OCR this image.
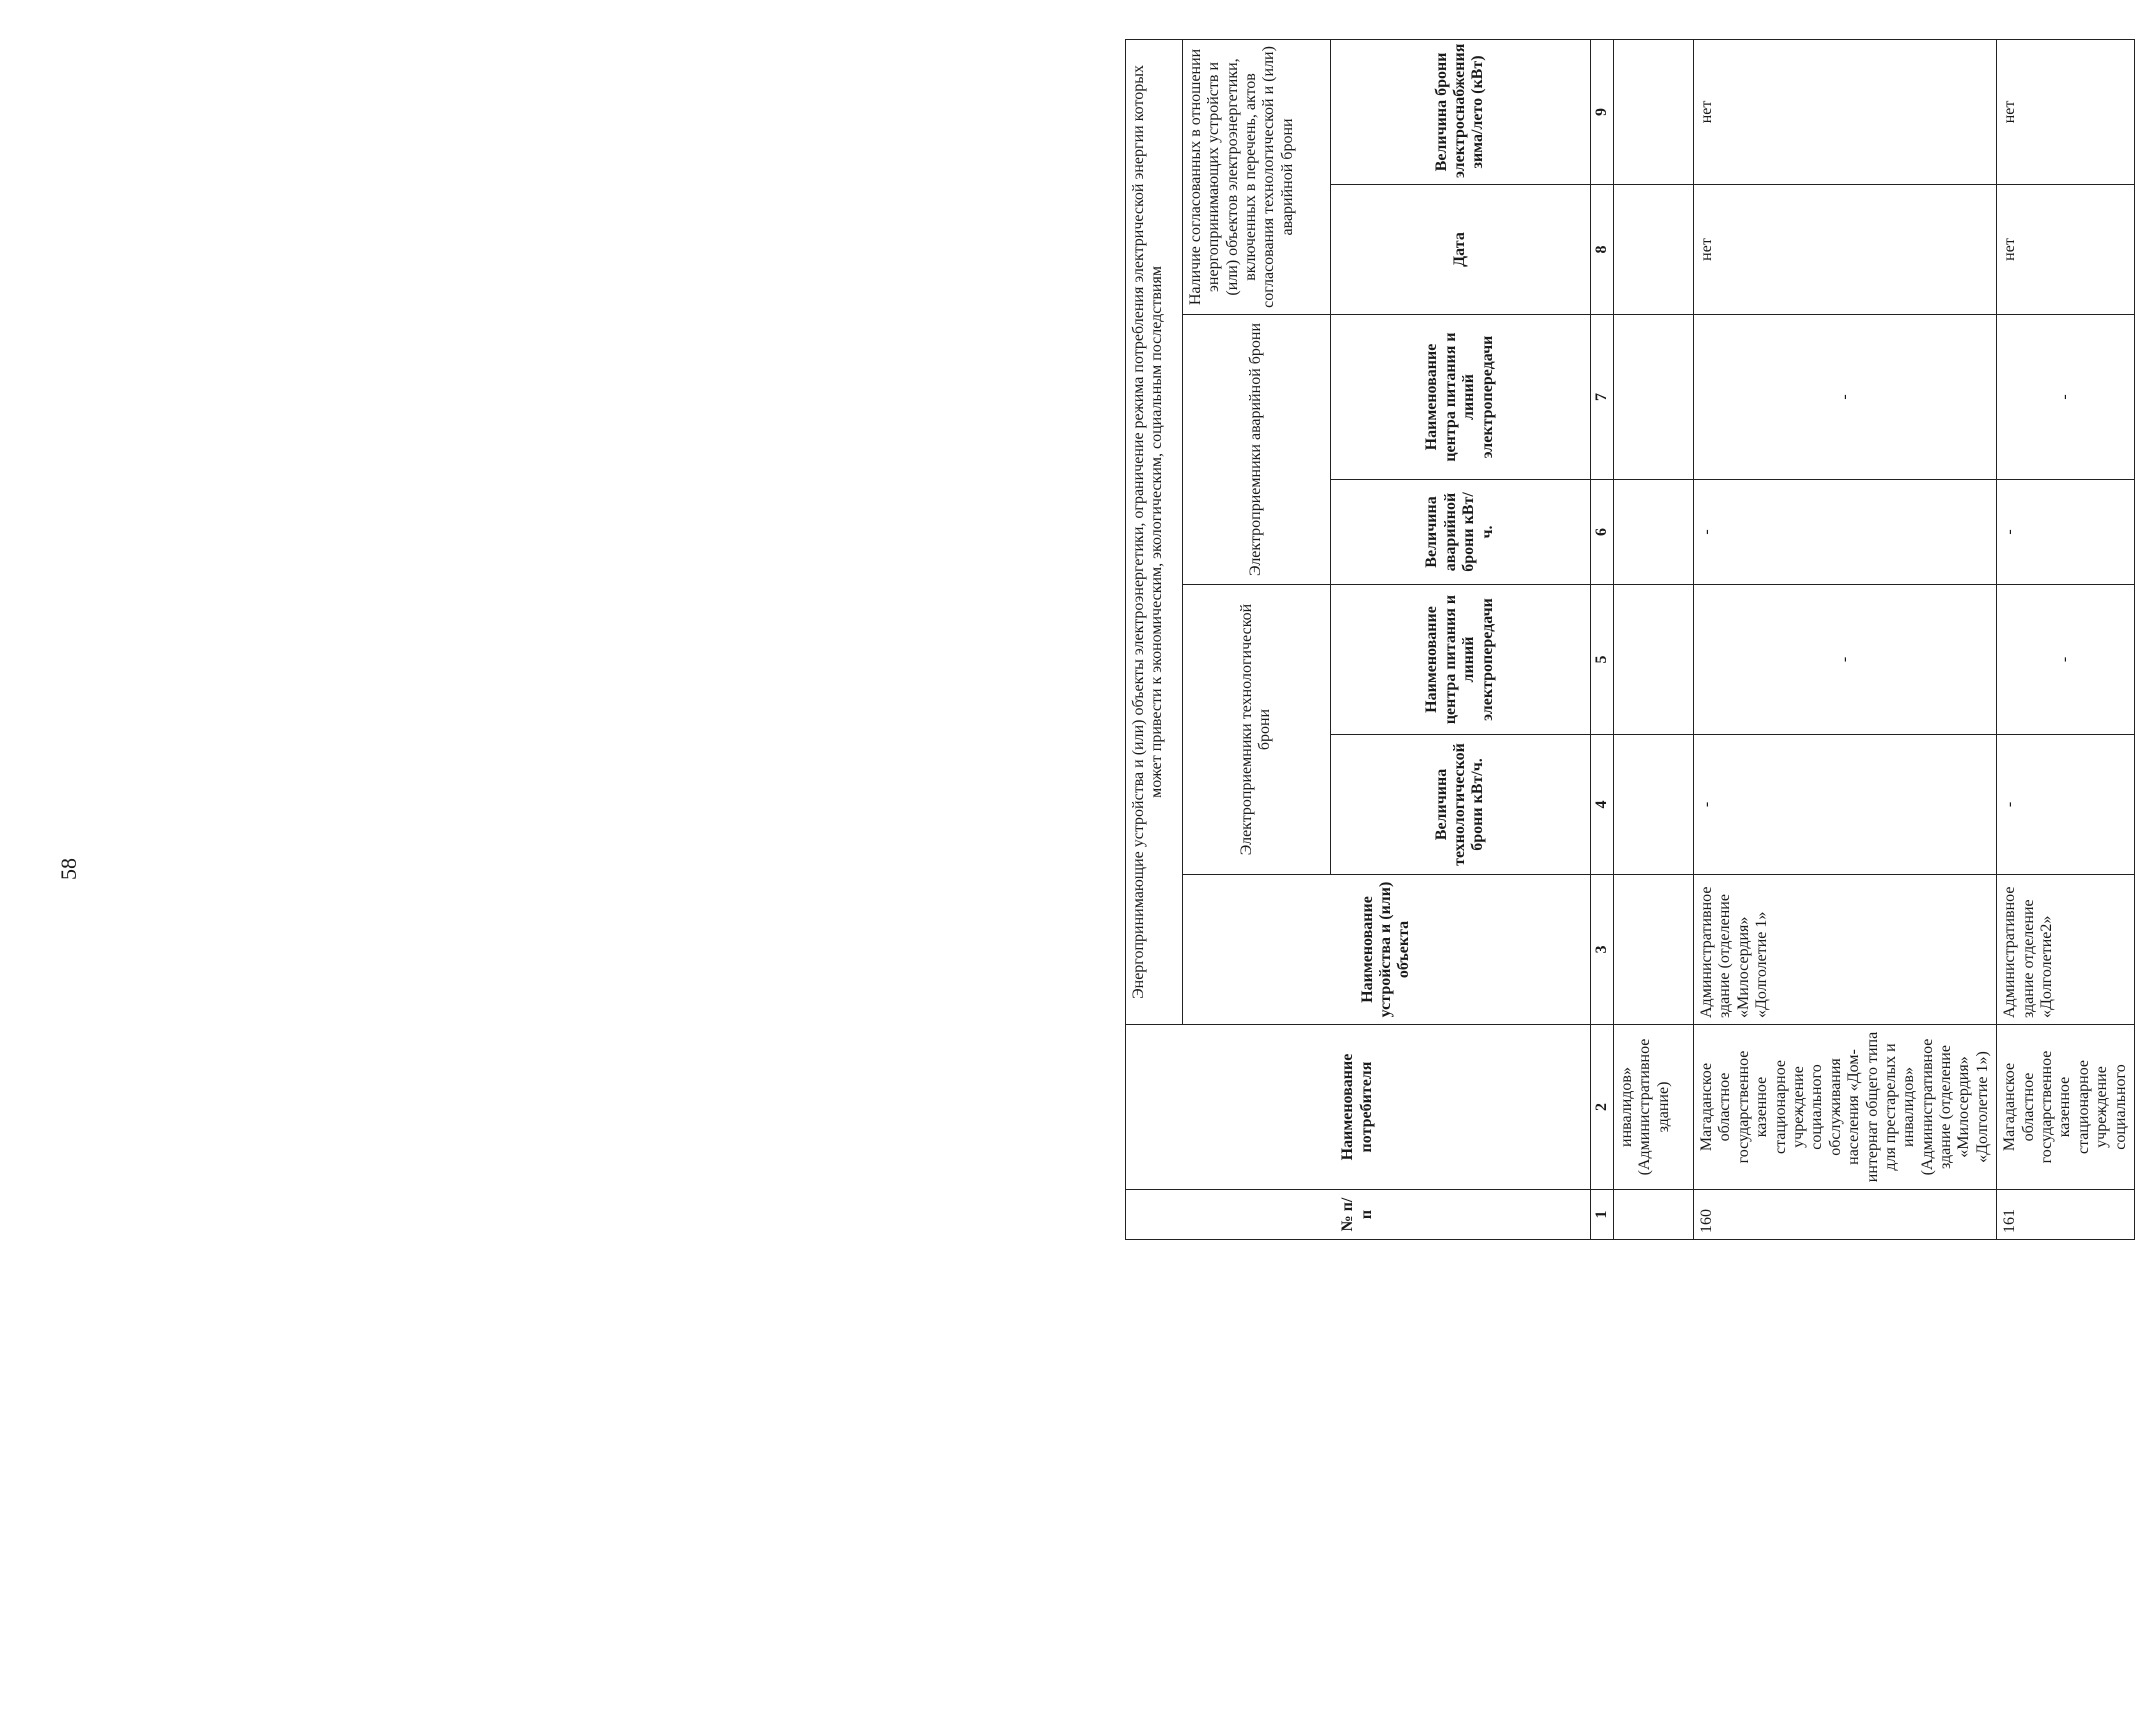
58
№ п/п	Наименование потребителя	Энергопринимающие устройства и (или) объекты электроэнергетики, ограничение режима потребления электрической энергии которых может привести к экономическим, экологическим, социальным последствиям						
		Наименование устройства и (или) объекта	Электроприемники технологической брони		Электроприемники аварийной брони		Наличие согласованных в отношении энергопринимающих устройств и (или) объектов электроэнергетики, включенных в перечень, актов согласования технологической и (или) аварийной брони	
			Величина технологической брони кВт/ч.	Наименование центра питания и линий электропередачи	Величина аварийной брони кВт/ч.	Наименование центра питания и линий электропередачи	Дата	Величина брони электроснабжения зима/лето (кВт)
1	2	3	4	5	6	7	8	9
	инвалидов» (Административное здание)							
160	Магаданское областное государственное казенное стационарное учреждение социального обслуживания населения «Дом-интернат общего типа для престарелых и инвалидов» (Административное здание (отделение «Милосердия» «Долголетие 1»)	Административное здание (отделение «Милосердия» «Долголетие 1»	-	-	-	-	нет	нет
161	Магаданское областное государственное казенное стационарное учреждение социального	Административное здание отделение «Долголетие2»	-	-	-	-	нет	нет
